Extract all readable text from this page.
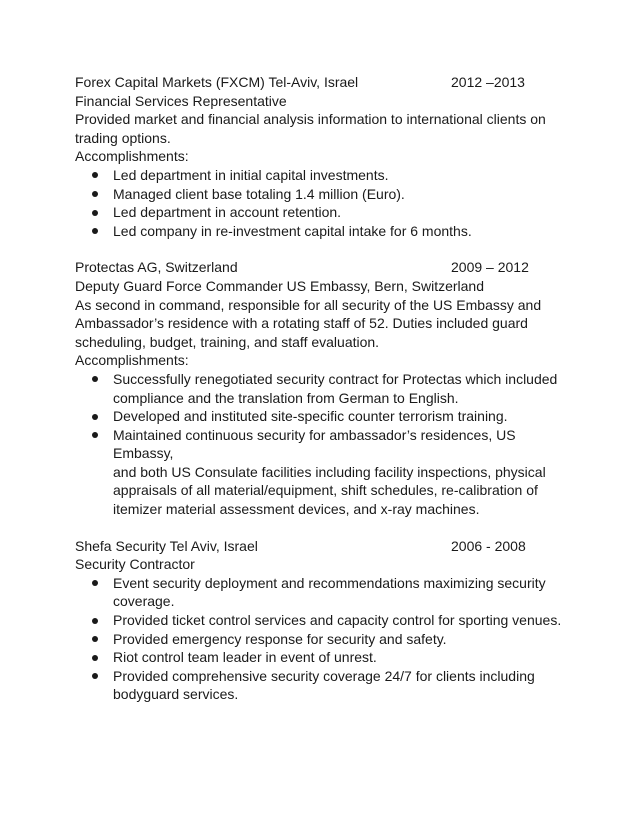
Forex Capital Markets (FXCM) Tel-Aviv, Israel	2012 –2013
Financial Services Representative
Provided market and financial analysis information to international clients on
trading options.
Accomplishments:
Led department in initial capital investments.
Managed client base totaling 1.4 million (Euro).
Led department in account retention.
Led company in re-investment capital intake for 6 months.
Protectas AG, Switzerland	2009 – 2012
Deputy Guard Force Commander US Embassy, Bern, Switzerland
As second in command, responsible for all security of the US Embassy and
Ambassador’s residence with a rotating staff of 52. Duties included guard
scheduling, budget, training, and staff evaluation.
Accomplishments:
Successfully renegotiated security contract for Protectas which included
compliance and the translation from German to English.
Developed and instituted site-specific counter terrorism training.
Maintained continuous security for ambassador’s residences, US Embassy,
and both US Consulate facilities including facility inspections, physical
appraisals of all material/equipment, shift schedules, re-calibration of
itemizer material assessment devices, and x-ray machines.
Shefa Security Tel Aviv, Israel	2006 - 2008
Security Contractor
Event security deployment and recommendations maximizing security
coverage.
Provided ticket control services and capacity control for sporting venues.
Provided emergency response for security and safety.
Riot control team leader in event of unrest.
Provided comprehensive security coverage 24/7 for clients including
bodyguard services.
